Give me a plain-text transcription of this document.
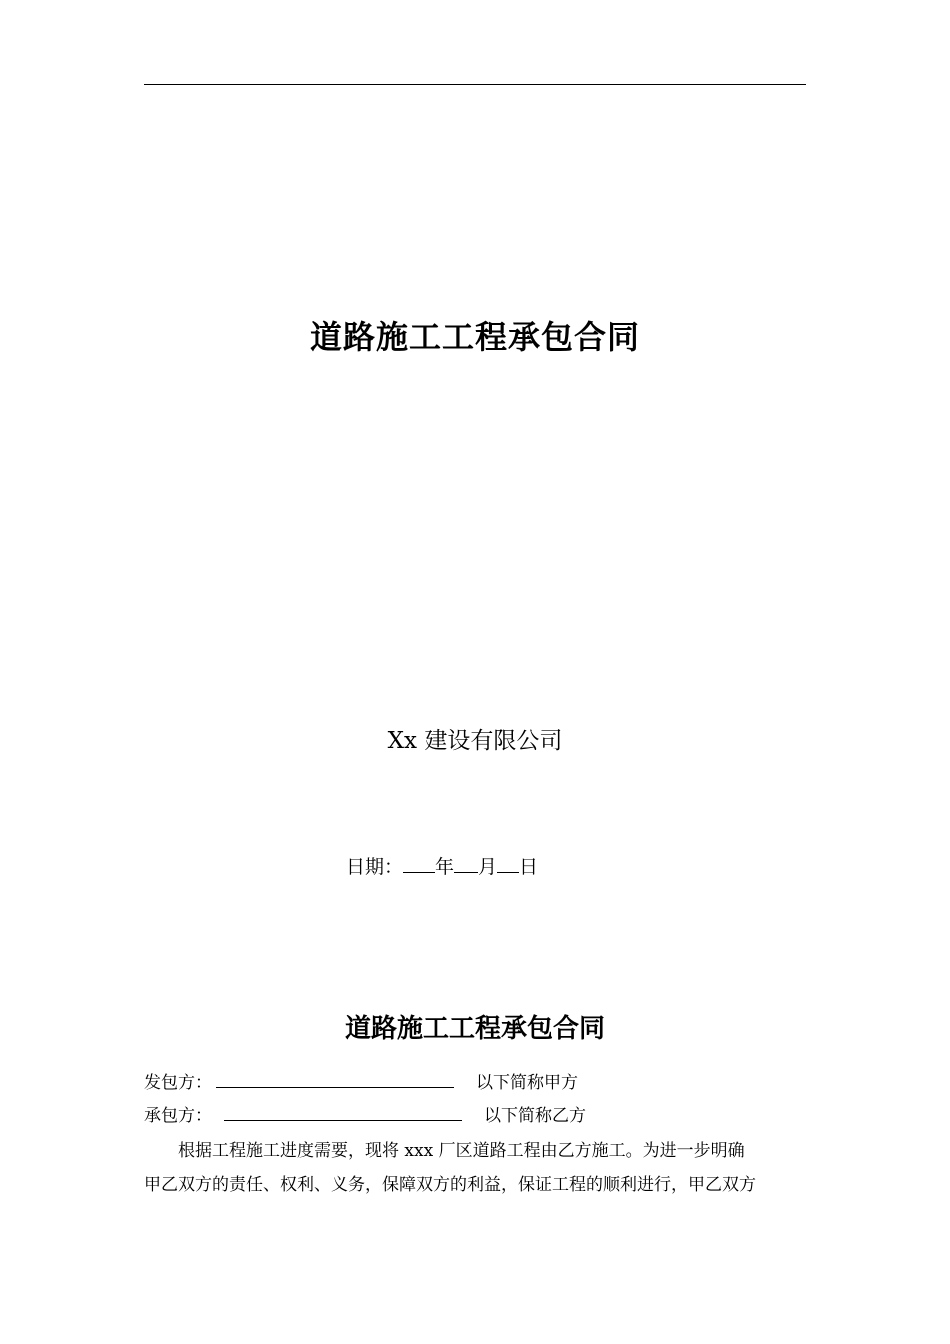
道路施工工程承包合同
Xx 建设有限公司
日期： 年 月 日
道路施工工程承包合同
发包方：	以下简称甲方
承包方：	以下简称乙方
根据工程施工进度需要，现将 xxx 厂区道路工程由乙方施工。为进一步明确
甲乙双方的责任、权利、义务，保障双方的利益，保证工程的顺利进行，甲乙双方
